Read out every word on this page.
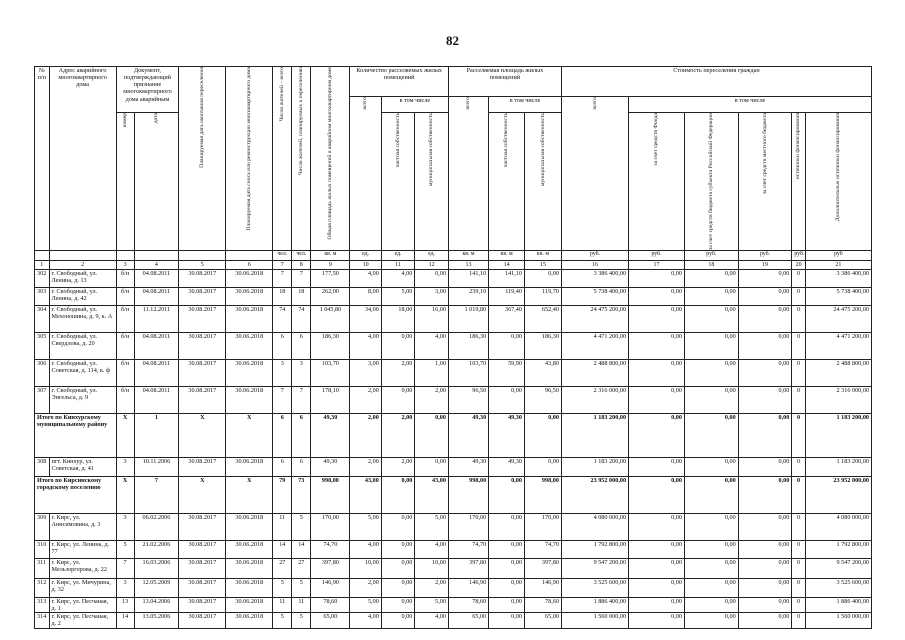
82
№ п/п	Адрес аварийного многоквартирного дома	Документ, подтверждающий признание многоквартирного дома аварийным		Планируемая дата окончания переселения	Планируемая дата сноса или реконструкции многоквартирного дома	Число жителей – всего	Число жителей, планируемых к переселению	Общая площадь жилых помещений в аварийном многоквартирном доме	Количество расселяемых жилых помещений			Расселяемая площадь жилых помещений			Стоимость переселения граждан					

									всего	в том числе		всего	в том числе		всего	в том числе				

		номер	дата							частная собственность	муниципальная собственность		частная собственность	муниципальная собственность		за счет средств Фонда	за счет средств бюджета субъекта Российской Федерации	за счет средств местного бюджета	источники финансирования	Дополнительные источники финансирования

						чел.	чел.	кв. м	ед.	ед.	ед.	кв. м	кв. м	кв. м	руб.	руб.	руб.	руб.	руб.	руб
1	2	3	4	5	6	7	8	9	10	11	12	13	14	15	16	17	18	19	20	21
302	г. Свободный, ул. Ленина, д. 13	б/н	04.08.2011	30.08.2017	30.06.2018	7	7	177,50	4,00	4,00	0,00	141,10	141,10	0,00	3 386 400,00	0,00	0,00	0,00	0	3 386 400,00
303	г. Свободный, ул. Ленина, д. 42	б/н	04.08.2011	30.08.2017	30.06.2018	18	18	262,00	8,00	5,00	3,00	239,10	119,40	119,70	5 738 400,00	0,00	0,00	0,00	0	5 738 400,00
304	г. Свободный, ул. Мехоношина, д. 9, к. А	б/н	11.12.2011	30.08.2017	30.06.2018	74	74	1 045,80	34,00	18,00	16,00	1 019,80	367,40	652,40	24 475 200,00	0,00	0,00	0,00	0	24 475 200,00
305	г. Свободный, ул. Свердлова, д. 20	б/н	04.08.2011	30.08.2017	30.06.2018	6	6	186,30	4,00	0,00	4,00	186,30	0,00	186,30	4 471 200,00	0,00	0,00	0,00	0	4 471 200,00
306	г. Свободный, ул. Советская, д. 114, к. ф	б/н	04.08.2011	30.08.2017	30.06.2018	3	3	103,70	3,00	2,00	1,00	103,70	59,90	43,80	2 488 800,00	0,00	0,00	0,00	0	2 488 800,00
307	г. Свободный, ул. Энгельса, д. 9	б/н	04.08.2011	30.08.2017	30.06.2018	7	7	178,10	2,00	0,00	2,00	96,50	0,00	96,50	2 316 000,00	0,00	0,00	0,00	0	2 316 000,00
Итого по Кинхурскому муниципальному району		X	1	X	X	6	6	49,30	2,00	2,00	0,00	49,30	49,30	0,00	1 183 200,00	0,00	0,00	0,00	0	1 183 200,00
308	пгт. Кинхур, ул. Советская, д. 41	3	10.11.2006	30.08.2017	30.06.2018	6	6	49,30	2,00	2,00	0,00	49,30	49,30	0,00	1 183 200,00	0,00	0,00	0,00	0	1 183 200,00
Итого по Кирсинскому городскому поселению		X	7	X	X	79	73	998,00	43,00	0,00	43,00	998,00	0,00	998,00	23 952 000,00	0,00	0,00	0,00	0	23 952 000,00
309	г. Кирс, ул. Анисимовина, д. 3	3	06.02.2006	30.08.2017	30.06.2018	11	5	170,00	5,00	0,00	5,00	170,00	0,00	170,00	4 080 000,00	0,00	0,00	0,00	0	4 080 000,00
310	г. Кирс, ул. Ленина, д. 77	5	21.02.2006	30.08.2017	30.06.2018	14	14	74,70	4,00	0,00	4,00	74,70	0,00	74,70	1 792 800,00	0,00	0,00	0,00	0	1 792 800,00
311	г. Кирс, ул. Мельзоргорова, д. 22	7	16.03.2006	30.08.2017	30.06.2018	27	27	397,80	10,00	0,00	10,00	397,80	0,00	397,80	9 547 200,00	0,00	0,00	0,00	0	9 547 200,00
312	г. Кирс, ул. Мичурина, д. 32	3	12.05.2009	30.08.2017	30.06.2018	5	5	146,90	2,00	0,00	2,00	146,90	0,00	146,90	3 525 600,00	0,00	0,00	0,00	0	3 525 600,00
313	г. Кирс, ул. Песчаная, д. 1	13	13.04.2006	30.08.2017	30.06.2018	11	11	78,60	5,00	0,00	5,00	78,60	0,00	78,60	1 886 400,00	0,00	0,00	0,00	0	1 886 400,00
314	г. Кирс, ул. Песчаная, д. 2	14	13.05.2006	30.08.2017	30.06.2018	5	5	65,00	4,00	0,00	4,00	65,00	0,00	65,00	1 560 000,00	0,00	0,00	0,00	0	1 560 000,00
